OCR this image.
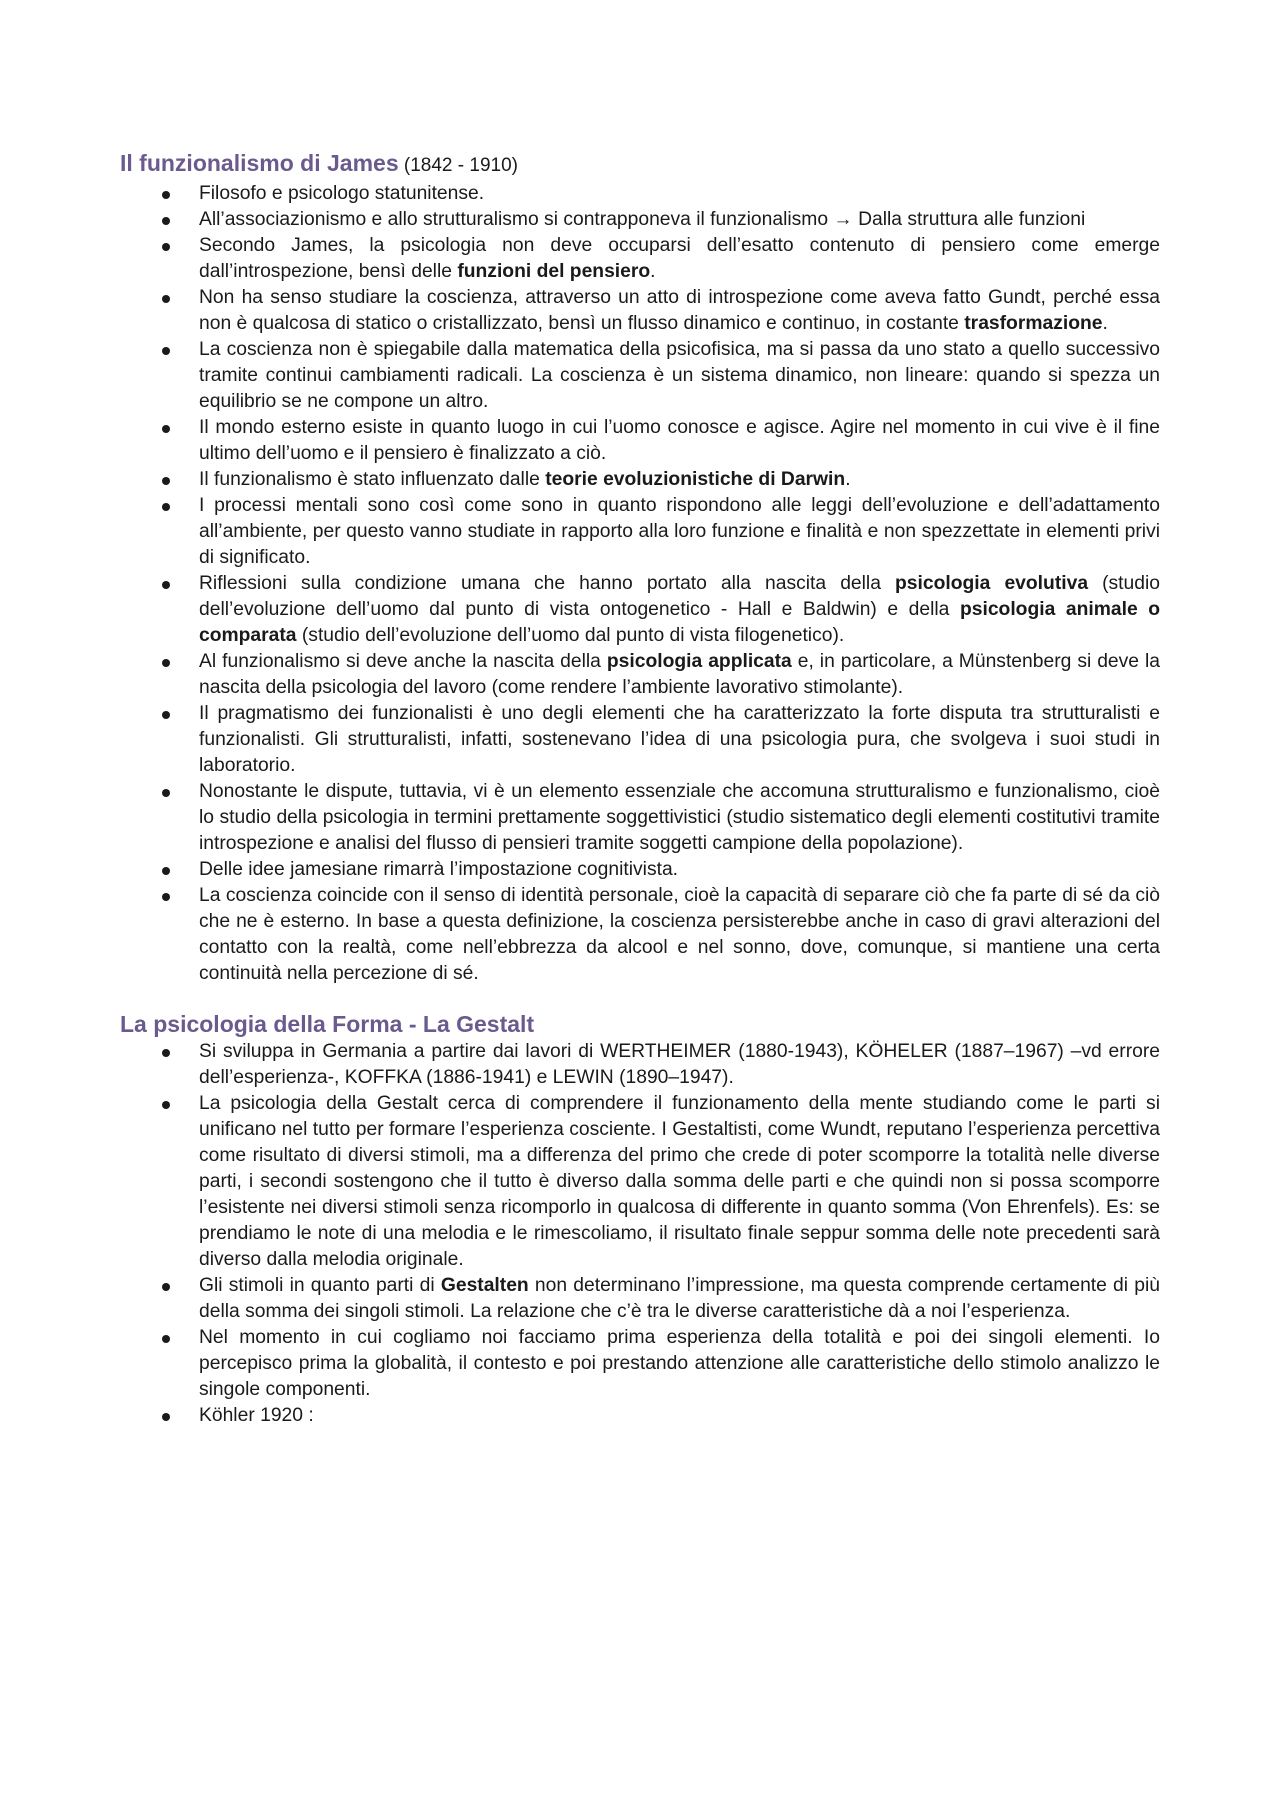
Il funzionalismo di James (1842 - 1910)
Filosofo e psicologo statunitense.
All’associazionismo e allo strutturalismo si contrapponeva il funzionalismo → Dalla struttura alle funzioni
Secondo James, la psicologia non deve occuparsi dell’esatto contenuto di pensiero come emerge dall’introspezione, bensì delle funzioni del pensiero.
Non ha senso studiare la coscienza, attraverso un atto di introspezione come aveva fatto Gundt, perché essa non è qualcosa di statico o cristallizzato, bensì un flusso dinamico e continuo, in costante trasformazione.
La coscienza non è spiegabile dalla matematica della psicofisica, ma si passa da uno stato a quello successivo tramite continui cambiamenti radicali. La coscienza è un sistema dinamico, non lineare: quando si spezza un equilibrio se ne compone un altro.
Il mondo esterno esiste in quanto luogo in cui l’uomo conosce e agisce. Agire nel momento in cui vive è il fine ultimo dell’uomo e il pensiero è finalizzato a ciò.
Il funzionalismo è stato influenzato dalle teorie evoluzionistiche di Darwin.
I processi mentali sono così come sono in quanto rispondono alle leggi dell’evoluzione e dell’adattamento all’ambiente, per questo vanno studiate in rapporto alla loro funzione e finalità e non spezzettate in elementi privi di significato.
Riflessioni sulla condizione umana che hanno portato alla nascita della psicologia evolutiva (studio dell’evoluzione dell’uomo dal punto di vista ontogenetico - Hall e Baldwin) e della psicologia animale o comparata (studio dell’evoluzione dell’uomo dal punto di vista filogenetico).
Al funzionalismo si deve anche la nascita della psicologia applicata e, in particolare, a Münstenberg si deve la nascita della psicologia del lavoro (come rendere l’ambiente lavorativo stimolante).
Il pragmatismo dei funzionalisti è uno degli elementi che ha caratterizzato la forte disputa tra strutturalisti e funzionalisti. Gli strutturalisti, infatti, sostenevano l’idea di una psicologia pura, che svolgeva i suoi studi in laboratorio.
Nonostante le dispute, tuttavia, vi è un elemento essenziale che accomuna strutturalismo e funzionalismo, cioè lo studio della psicologia in termini prettamente soggettivistici (studio sistematico degli elementi costitutivi tramite introspezione e analisi del flusso di pensieri tramite soggetti campione della popolazione).
Delle idee jamesiane rimarrà l’impostazione cognitivista.
La coscienza coincide con il senso di identità personale, cioè la capacità di separare ciò che fa parte di sé da ciò che ne è esterno. In base a questa definizione, la coscienza persisterebbe anche in caso di gravi alterazioni del contatto con la realtà, come nell’ebbrezza da alcool e nel sonno, dove, comunque, si mantiene una certa continuità nella percezione di sé.
La psicologia della Forma - La Gestalt
Si sviluppa in Germania a partire dai lavori di WERTHEIMER (1880-1943), KÖHELER (1887–1967) –vd errore dell’esperienza-, KOFFKA (1886-1941) e LEWIN (1890–1947).
La psicologia della Gestalt cerca di comprendere il funzionamento della mente studiando come le parti si unificano nel tutto per formare l’esperienza cosciente. I Gestaltisti, come Wundt, reputano l’esperienza percettiva come risultato di diversi stimoli, ma a differenza del primo che crede di poter scomporre la totalità nelle diverse parti, i secondi sostengono che il tutto è diverso dalla somma delle parti e che quindi non si possa scomporre l’esistente nei diversi stimoli senza ricomporlo in qualcosa di differente in quanto somma (Von Ehrenfels). Es: se prendiamo le note di una melodia e le rimescoliamo, il risultato finale seppur somma delle note precedenti sarà diverso dalla melodia originale.
Gli stimoli in quanto parti di Gestalten non determinano l’impressione, ma questa comprende certamente di più della somma dei singoli stimoli. La relazione che c’è tra le diverse caratteristiche dà a noi l’esperienza.
Nel momento in cui cogliamo noi facciamo prima esperienza della totalità e poi dei singoli elementi. Io percepisco prima la globalità, il contesto e poi prestando attenzione alle caratteristiche dello stimolo analizzo le singole componenti.
Köhler 1920 :
